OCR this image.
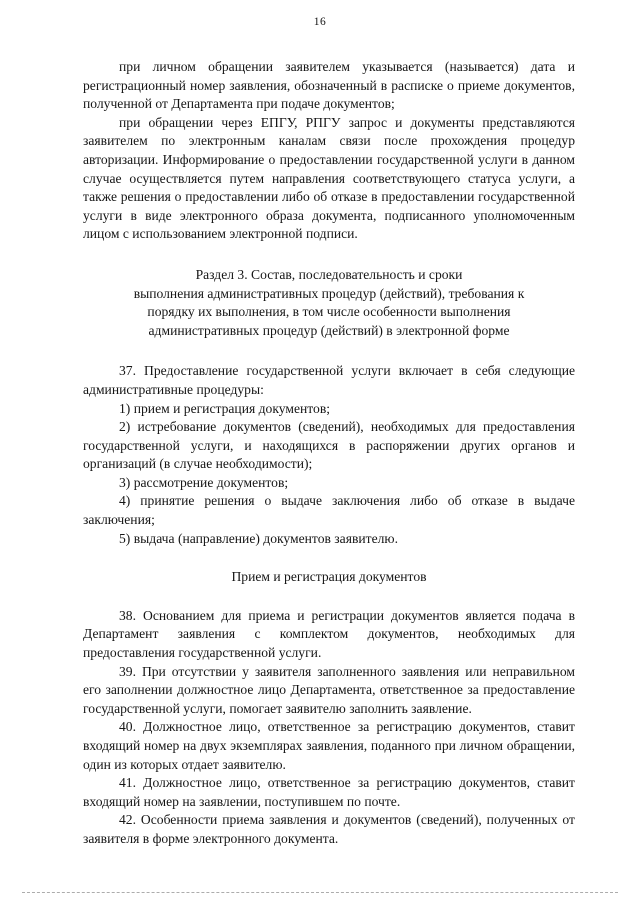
16

при личном обращении заявителем указывается (называется) дата и регистрационный номер заявления, обозначенный в расписке о приеме документов, полученной от Департамента при подаче документов;

при обращении через ЕПГУ, РПГУ запрос и документы представляются заявителем по электронным каналам связи после прохождения процедур авторизации. Информирование о предоставлении государственной услуги в данном случае осуществляется путем направления соответствующего статуса услуги, а также решения о предоставлении либо об отказе в предоставлении государственной услуги в виде электронного образа документа, подписанного уполномоченным лицом с использованием электронной подписи.

Раздел 3. Состав, последовательность и сроки
выполнения административных процедур (действий), требования к
порядку их выполнения, в том числе особенности выполнения
административных процедур (действий) в электронной форме

37. Предоставление государственной услуги включает в себя следующие административные процедуры:

1) прием и регистрация документов;

2) истребование документов (сведений), необходимых для предоставления государственной услуги, и находящихся в распоряжении других органов и организаций (в случае необходимости);

3) рассмотрение документов;

4) принятие решения о выдаче заключения либо об отказе в выдаче заключения;

5) выдача (направление) документов заявителю.

Прием и регистрация документов

38. Основанием для приема и регистрации документов является подача в Департамент заявления с комплектом документов, необходимых для предоставления государственной услуги.

39. При отсутствии у заявителя заполненного заявления или неправильном его заполнении должностное лицо Департамента, ответственное за предоставление государственной услуги, помогает заявителю заполнить заявление.

40. Должностное лицо, ответственное за регистрацию документов, ставит входящий номер на двух экземплярах заявления, поданного при личном обращении, один из которых отдает заявителю.

41. Должностное лицо, ответственное за регистрацию документов, ставит входящий номер на заявлении, поступившем по почте.

42. Особенности приема заявления и документов (сведений), полученных от заявителя в форме электронного документа.
